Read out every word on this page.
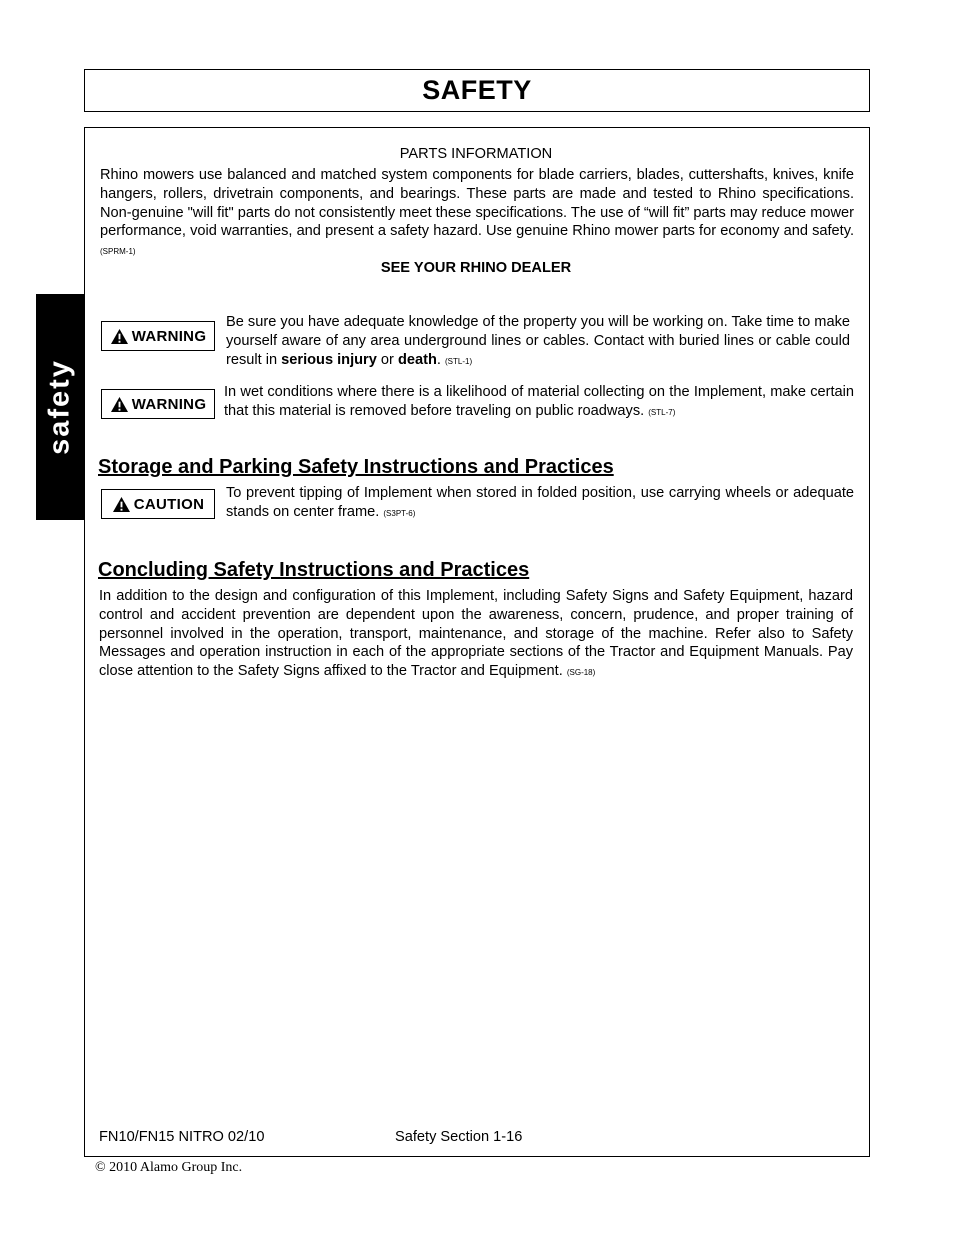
SAFETY
safety
PARTS INFORMATION
Rhino mowers use balanced and matched system components for blade carriers, blades, cuttershafts, knives, knife hangers, rollers, drivetrain components, and bearings. These parts are made and tested to Rhino specifications. Non-genuine "will fit" parts do not consistently meet these specifications. The use of “will fit” parts may reduce mower performance, void warranties, and present a safety hazard. Use genuine Rhino mower parts for economy and safety. (SPRM-1)
SEE YOUR RHINO DEALER
WARNING
Be sure you have adequate knowledge of the property you will be working on. Take time to make yourself aware of any area underground lines or cables. Contact with buried lines or cable could result in serious injury or death. (STL-1)
WARNING
In wet conditions where there is a likelihood of material collecting on the Implement, make certain that this material is removed before traveling on public roadways. (STL-7)
Storage and Parking Safety Instructions and Practices
CAUTION
To prevent tipping of Implement when stored in folded position, use carrying wheels or adequate stands on center frame. (S3PT-6)
Concluding Safety Instructions and Practices
In addition to the design and configuration of this Implement, including Safety Signs and Safety Equipment, hazard control and accident prevention are dependent upon the awareness, concern, prudence, and proper training of personnel involved in the operation, transport, maintenance, and storage of the machine. Refer also to Safety Messages and operation instruction in each of the appropriate sections of the Tractor and Equipment Manuals. Pay close attention to the Safety Signs affixed to the Tractor and Equipment. (SG-18)
FN10/FN15 NITRO 02/10	Safety Section 1-16
© 2010 Alamo Group Inc.
